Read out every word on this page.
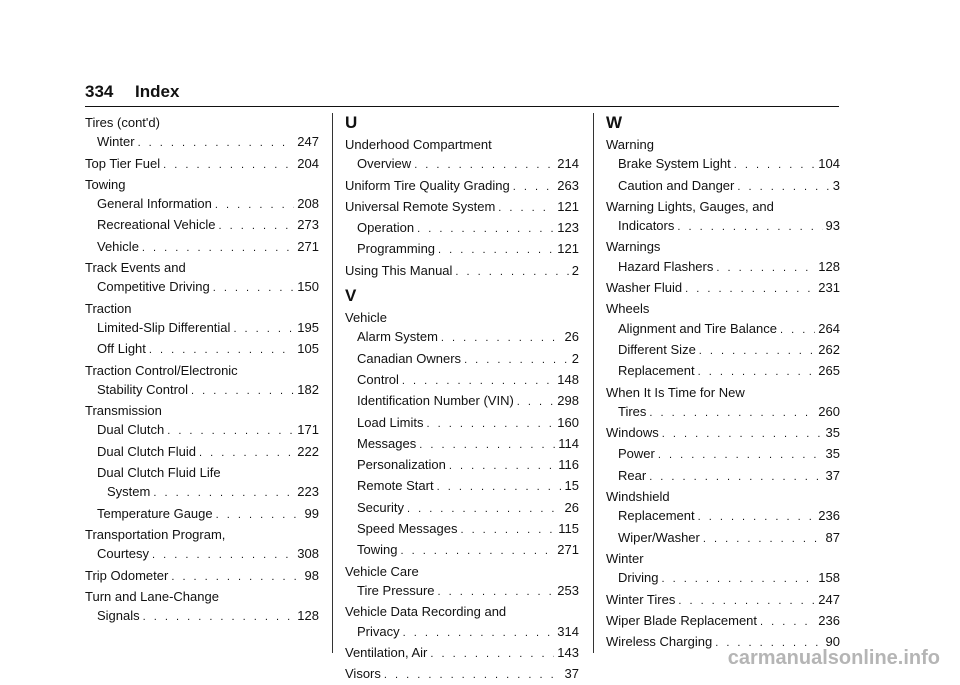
334 Index
Tires (cont'd)
Winter . . .	247
Top Tier Fuel . . .	204
Towing
General Information . . .	208
Recreational Vehicle . . .	273
Vehicle . . .	271
Track Events and
Competitive Driving . . .	150
Traction
Limited-Slip Differential . . .	195
Off Light . . .	105
Traction Control/Electronic
Stability Control . . .	182
Transmission
Dual Clutch . . .	171
Dual Clutch Fluid . . .	222
Dual Clutch Fluid Life
System . . .	223
Temperature Gauge . . .	99
Transportation Program,
Courtesy . . .	308
Trip Odometer . . .	98
Turn and Lane-Change
Signals . . .	128
U
Underhood Compartment
Overview . . .	214
Uniform Tire Quality Grading . . .	263
Universal Remote System . . .	121
Operation . . .	123
Programming . . .	121
Using This Manual . . .	2
V
Vehicle
Alarm System . . .	26
Canadian Owners . . .	2
Control . . .	148
Identification Number (VIN) . . .	298
Load Limits . . .	160
Messages . . .	114
Personalization . . .	116
Remote Start . . .	15
Security . . .	26
Speed Messages . . .	115
Towing . . .	271
Vehicle Care
Tire Pressure . . .	253
Vehicle Data Recording and
Privacy . . .	314
Ventilation, Air . . .	143
Visors . . .	37
W
Warning
Brake System Light . . .	104
Caution and Danger . . .	3
Warning Lights, Gauges, and
Indicators . . .	93
Warnings
Hazard Flashers . . .	128
Washer Fluid . . .	231
Wheels
Alignment and Tire Balance . . .	264
Different Size . . .	262
Replacement . . .	265
When It Is Time for New
Tires . . .	260
Windows . . .	35
Power . . .	35
Rear . . .	37
Windshield
Replacement . . .	236
Wiper/Washer . . .	87
Winter
Driving . . .	158
Winter Tires . . .	247
Wiper Blade Replacement . . .	236
Wireless Charging . . .	90
carmanualsonline.info
